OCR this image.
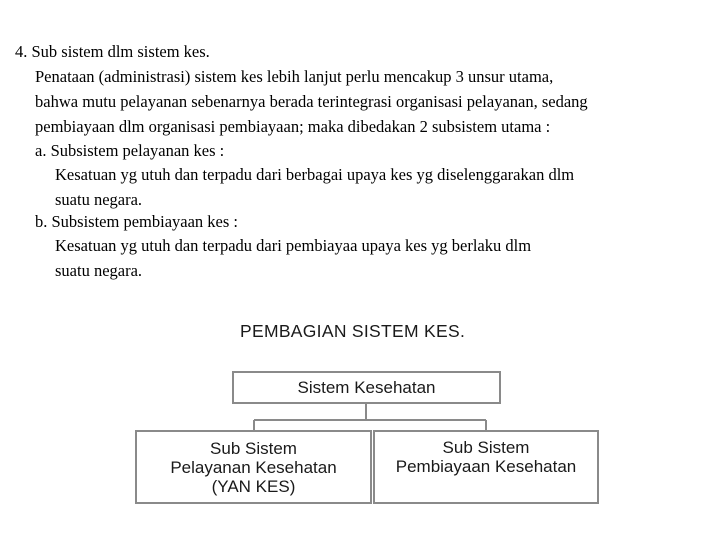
4. Sub sistem dlm sistem kes.
Penataan (administrasi) sistem kes lebih lanjut perlu mencakup 3 unsur utama,
bahwa mutu pelayanan sebenarnya berada terintegrasi organisasi pelayanan, sedang
pembiayaan dlm organisasi pembiayaan; maka dibedakan 2 subsistem utama :
a. Subsistem pelayanan kes :
Kesatuan yg utuh dan terpadu dari berbagai upaya kes yg diselenggarakan dlm
suatu negara.
b. Subsistem pembiayaan kes :
Kesatuan yg utuh dan terpadu dari pembiayaa upaya kes yg berlaku dlm
suatu negara.
PEMBAGIAN SISTEM KES.
Sistem Kesehatan
Sub Sistem
Pelayanan Kesehatan
(YAN KES)
Sub Sistem
Pembiayaan Kesehatan
